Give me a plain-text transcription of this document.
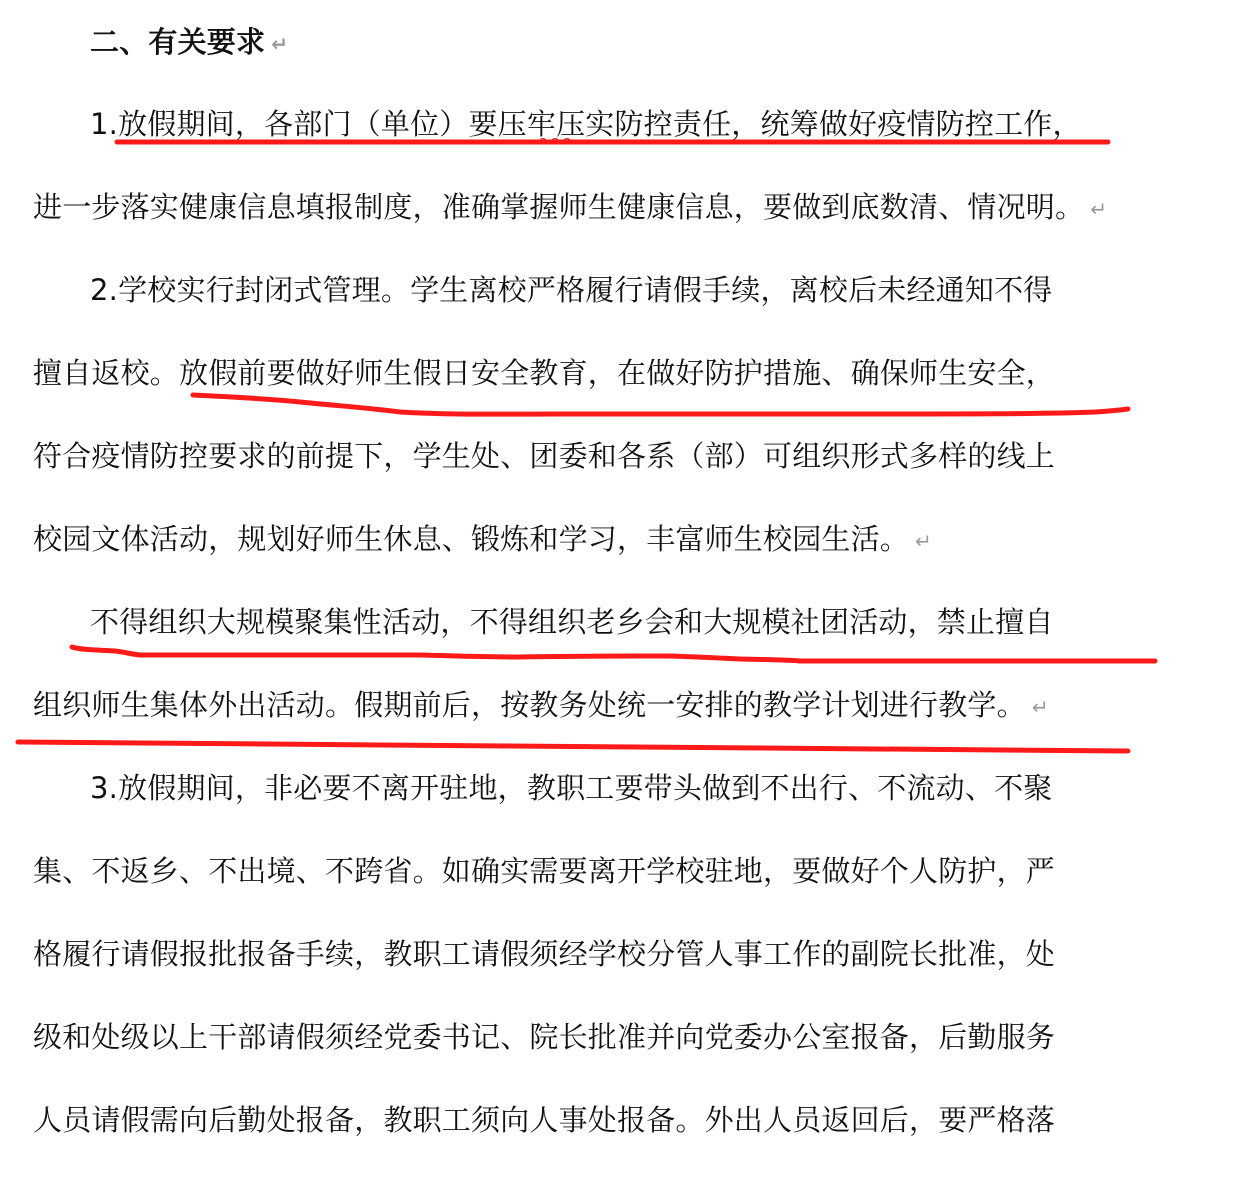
二、有关要求 ↵
1.放假期间，各部门（单位）要压牢压实防控责任，统筹做好疫情防控工作，
进一步落实健康信息填报制度，准确掌握师生健康信息，要做到底数清、情况明。 ↵
2.学校实行封闭式管理。学生离校严格履行请假手续，离校后未经通知不得
擅自返校。放假前要做好师生假日安全教育，在做好防护措施、确保师生安全，
符合疫情防控要求的前提下，学生处、团委和各系（部）可组织形式多样的线上
校园文体活动，规划好师生休息、锻炼和学习，丰富师生校园生活。 ↵
不得组织大规模聚集性活动，不得组织老乡会和大规模社团活动，禁止擅自
组织师生集体外出活动。假期前后，按教务处统一安排的教学计划进行教学。 ↵
3.放假期间，非必要不离开驻地，教职工要带头做到不出行、不流动、不聚
集、不返乡、不出境、不跨省。如确实需要离开学校驻地，要做好个人防护，严
格履行请假报批报备手续，教职工请假须经学校分管人事工作的副院长批准，处
级和处级以上干部请假须经党委书记、院长批准并向党委办公室报备，后勤服务
人员请假需向后勤处报备，教职工须向人事处报备。外出人员返回后，要严格落
